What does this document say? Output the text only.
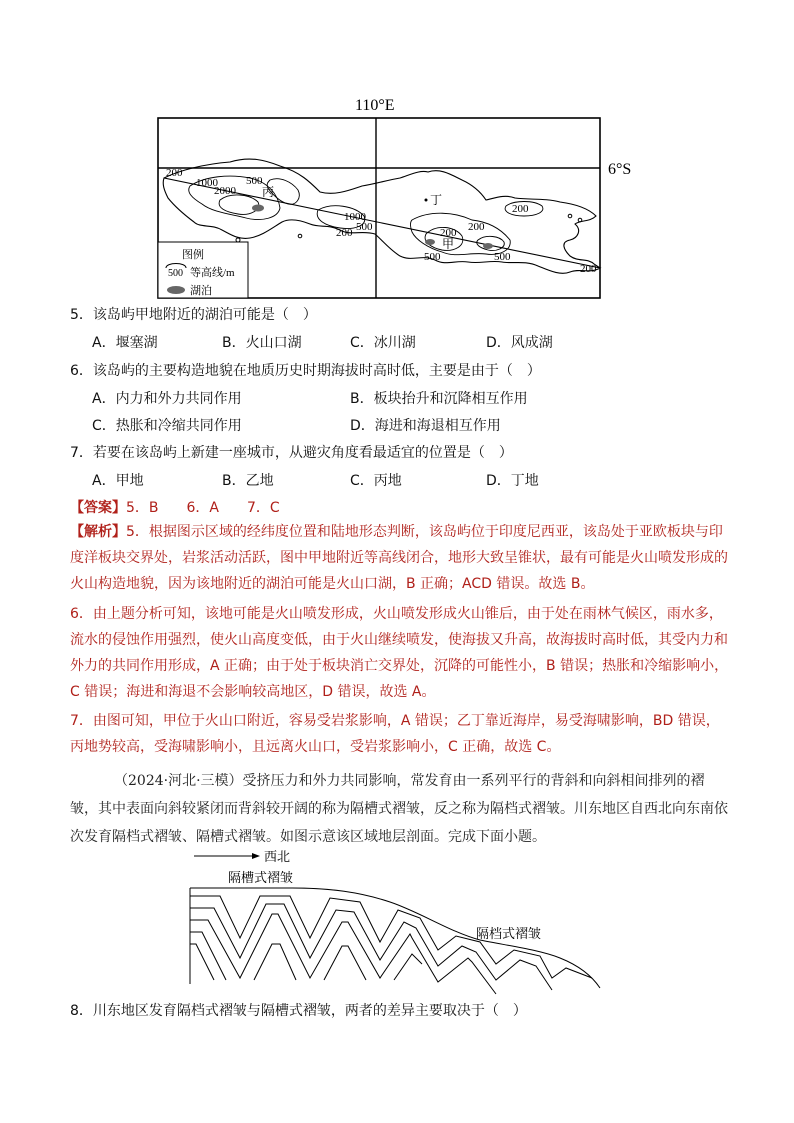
110°E
6°S
200
1000
2000
500
1000
200 500	200
500	500
200
200
200
丙
丁
甲
图例
500 等高线/m
湖泊
5．该岛屿甲地附近的湖泊可能是（　）
A．堰塞湖	B．火山口湖	C．冰川湖	D．风成湖
6．该岛屿的主要构造地貌在地质历史时期海拔时高时低，主要是由于（　）
A．内力和外力共同作用	B．板块抬升和沉降相互作用
C．热胀和冷缩共同作用	D．海进和海退相互作用
7．若要在该岛屿上新建一座城市，从避灾角度看最适宜的位置是（　）
A．甲地	B．乙地	C．丙地	D．丁地
【答案】5．B　　6．A　　7．C
【解析】5．根据图示区域的经纬度位置和陆地形态判断，该岛屿位于印度尼西亚，该岛处于亚欧板块与印度洋板块交界处，岩浆活动活跃，图中甲地附近等高线闭合，地形大致呈锥状，最有可能是火山喷发形成的火山构造地貌，因为该地附近的湖泊可能是火山口湖，B 正确；ACD 错误。故选 B。
6．由上题分析可知，该地可能是火山喷发形成，火山喷发形成火山锥后，由于处在雨林气候区，雨水多，流水的侵蚀作用强烈，使火山高度变低，由于火山继续喷发，使海拔又升高，故海拔时高时低，其受内力和外力的共同作用形成，A 正确；由于处于板块消亡交界处，沉降的可能性小，B 错误；热胀和冷缩影响小，C 错误；海进和海退不会影响较高地区，D 错误，故选 A。
7．由图可知，甲位于火山口附近，容易受岩浆影响，A 错误；乙丁靠近海岸，易受海啸影响，BD 错误，丙地势较高，受海啸影响小，且远离火山口，受岩浆影响小，C 正确，故选 C。
（2024·河北·三模）受挤压力和外力共同影响，常发育由一系列平行的背斜和向斜相间排列的褶皱，其中表面向斜较紧闭而背斜较开阔的称为隔槽式褶皱，反之称为隔档式褶皱。川东地区自西北向东南依次发育隔档式褶皱、隔槽式褶皱。如图示意该区域地层剖面。完成下面小题。
西北
隔槽式褶皱
隔档式褶皱
8．川东地区发育隔档式褶皱与隔槽式褶皱，两者的差异主要取决于（　）
